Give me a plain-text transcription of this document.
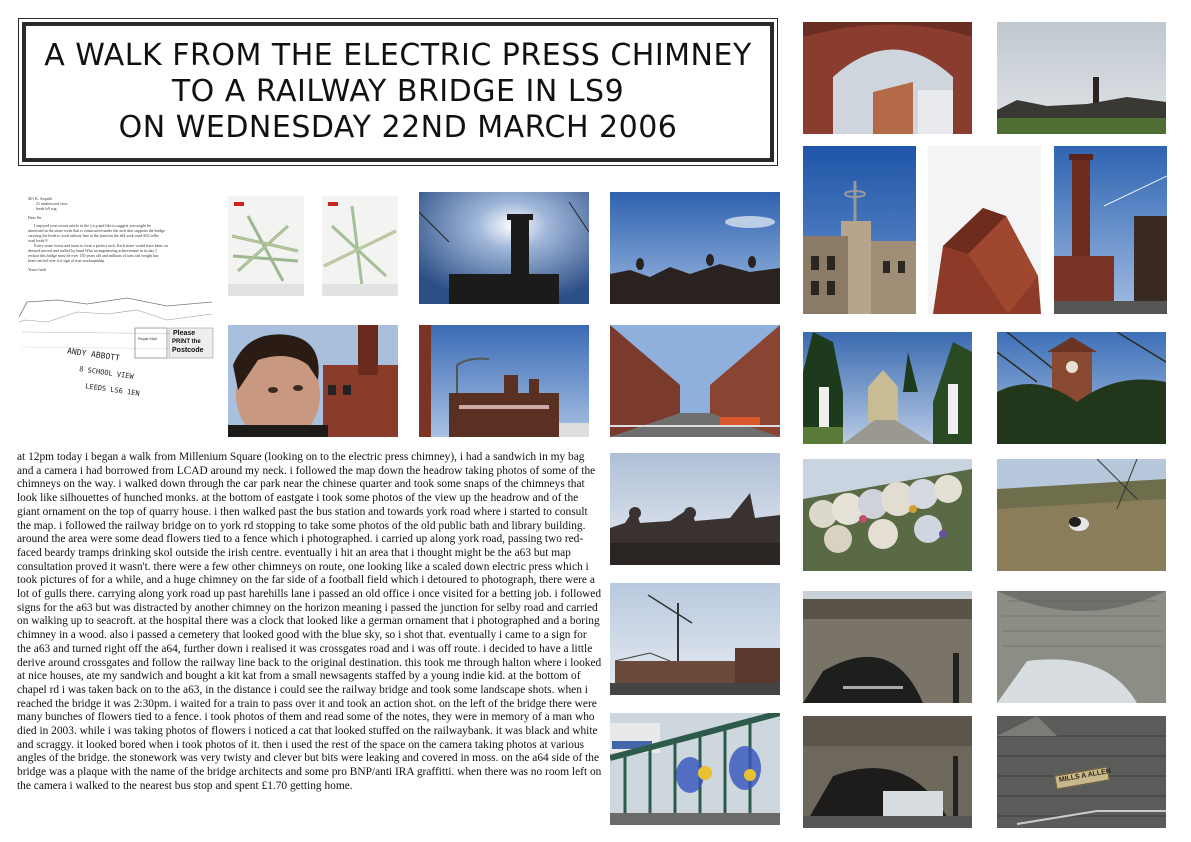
A WALK FROM THE ELECTRIC PRESS CHIMNEY
TO A RAILWAY BRIDGE IN LS9
ON WEDNESDAY 22ND MARCH 2006
M/r K. Asquith
21 underwood view
leeds ls9 sog
Dear Sir
I enjoyed your recent article in the y.e.p and like to suggest you might be
interested in the stone work that is constructed under the arch that supports the bridge
carrying the leeds to york railway line at the junction the a64 york road A63 selby
road leeds 9
Every stone twists and turns to form a perfect arch. Each stone would have been cut
dressed moved and walled by hand Who an engineering achievement in its day I
reckon this bridge must be over 150 years old and millions of tons rail freight has
been carried over it it sign of true workmanship
Yours faith
Royal Mail
Please
PRINT the
Postcode
ANDY ABBOTT
8 SCHOOL VIEW
LEEDS LS6 1EN
at 12pm today i began a walk from Millenium Square (looking on to the electric press chimney), i had a sandwich in my bag and a camera i had borrowed from LCAD around my neck. i followed the map down the headrow taking photos of some of the chimneys on the way. i walked down through the car park near the chinese quarter and took some snaps of the chimneys that look like silhouettes of hunched monks. at the bottom of eastgate i took some photos of the view up the headrow and of the giant ornament on the top of quarry house. i then walked past the bus station and towards york road where i started to consult the map. i followed the railway bridge on to york rd stopping to take some photos of the old public bath and library building. around the area were some dead flowers tied to a fence which i photographed. i carried up along york road, passing two red-faced beardy tramps drinking skol outside the irish centre. eventually i hit an area that i thought might be the a63 but map consultation proved it wasn't. there were a few other chimneys on route, one looking like a scaled down electric press which i took pictures of for a while, and a huge chimney on the far side of a football field which i detoured to photograph, there were a lot of gulls there. carrying along york road up past harehills lane i passed an old office i once visited for a betting job. i followed signs for the a63 but was distracted by another chimney on the horizon meaning i passed the junction for selby road and carried on walking up to seacroft. at the hospital there was a clock that looked like a german ornament that i photographed and a boring chimney in a wood. also i passed a cemetery that looked good with the blue sky, so i shot that. eventually i came to a sign for the a63 and turned right off the a64, further down i realised it was crossgates road and i was off route. i decided to have a little derive around crossgates and follow the railway line back to the original destination. this took me through halton where i looked at nice houses, ate my sandwich and bought a kit kat from a small newsagents staffed by a young indie kid. at the bottom of chapel rd i was taken back on to the a63, in the distance i could see the railway bridge and took some landscape shots. when i reached the bridge it was 2:30pm. i waited for a train to pass over it and took an action shot. on the left of the bridge there were many bunches of flowers tied to a fence. i took photos of them and read some of the notes, they were in memory of a man who died in 2003. while i was taking photos of flowers i noticed a cat that looked stuffed on the railwaybank. it was black and white and scraggy. it looked bored when i took photos of it. then i used the rest of the space on the camera taking photos at various angles of the bridge. the stonework was very twisty and clever but bits were leaking and covered in moss. on the a64 side of the bridge was a plaque with the name of the bridge architects and some pro BNP/anti IRA graffitti. when there was no room left on the camera i walked to the nearest bus stop and spent £1.70 getting home.
MILLS A ALLEN
